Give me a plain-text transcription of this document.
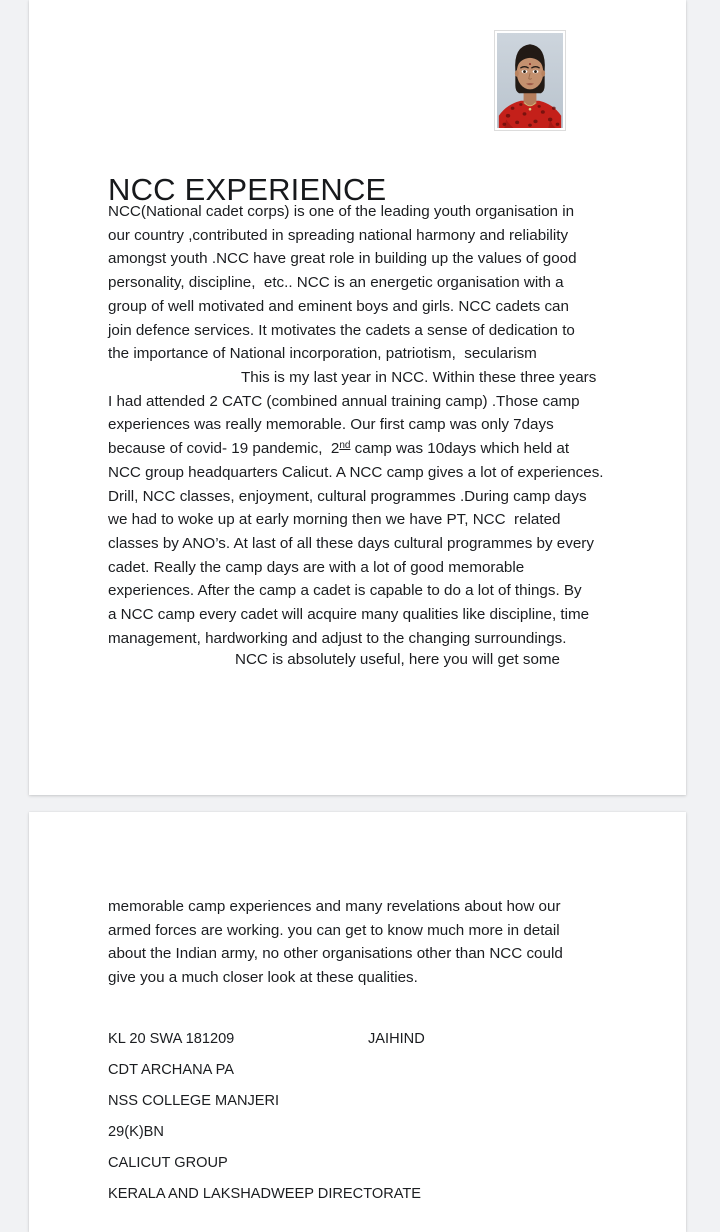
NCC EXPERIENCE
NCC(National cadet corps) is one of the leading youth organisation in
our country ,contributed in spreading national harmony and reliability
amongst youth .NCC have great role in building up the values of good
personality, discipline,  etc.. NCC is an energetic organisation with a
group of well motivated and eminent boys and girls. NCC cadets can
join defence services. It motivates the cadets a sense of dedication to
the importance of National incorporation, patriotism,  secularism
This is my last year in NCC. Within these three years
I had attended 2 CATC (combined annual training camp) .Those camp
experiences was really memorable. Our first camp was only 7days
because of covid- 19 pandemic,  2nd camp was 10days which held at
NCC group headquarters Calicut. A NCC camp gives a lot of experiences.
Drill, NCC classes, enjoyment, cultural programmes .During camp days
we had to woke up at early morning then we have PT, NCC  related
classes by ANO’s. At last of all these days cultural programmes by every
cadet. Really the camp days are with a lot of good memorable
experiences. After the camp a cadet is capable to do a lot of things. By
a NCC camp every cadet will acquire many qualities like discipline, time
management, hardworking and adjust to the changing surroundings.
NCC is absolutely useful, here you will get some
memorable camp experiences and many revelations about how our
armed forces are working. you can get to know much more in detail
about the Indian army, no other organisations other than NCC could
give you a much closer look at these qualities.
KL 20 SWA 181209	JAIHIND
CDT ARCHANA PA
NSS COLLEGE MANJERI
29(K)BN
CALICUT GROUP
KERALA AND LAKSHADWEEP DIRECTORATE
